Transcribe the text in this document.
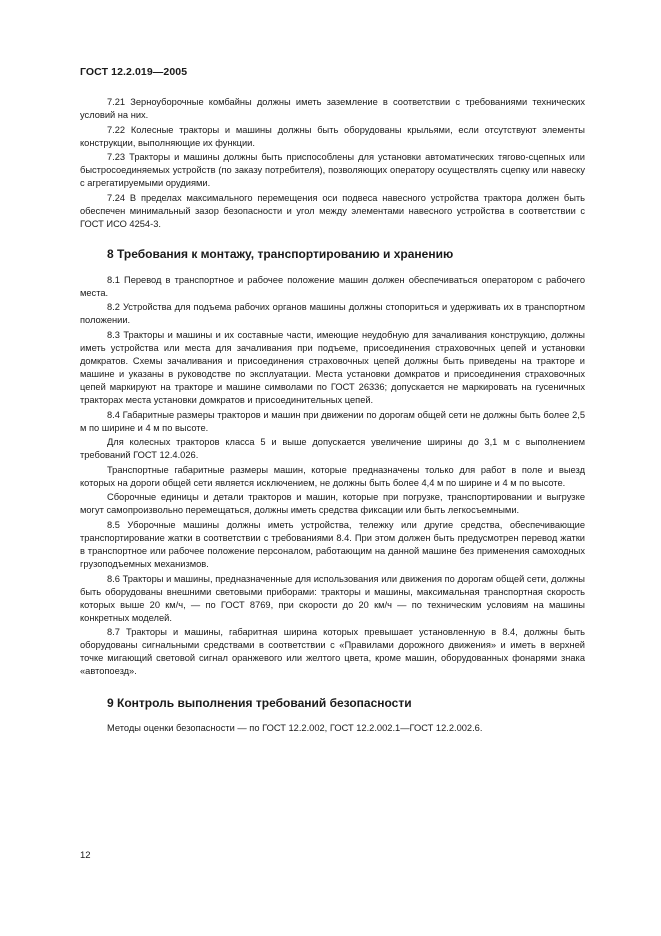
ГОСТ 12.2.019—2005

7.21 Зерноуборочные комбайны должны иметь заземление в соответствии с требованиями технических условий на них.

7.22 Колесные тракторы и машины должны быть оборудованы крыльями, если отсутствуют элементы конструкции, выполняющие их функции.

7.23 Тракторы и машины должны быть приспособлены для установки автоматических тягово-сцепных или быстросоединяемых устройств (по заказу потребителя), позволяющих оператору осуществлять сцепку или навеску с агрегатируемыми орудиями.

7.24 В пределах максимального перемещения оси подвеса навесного устройства трактора должен быть обеспечен минимальный зазор безопасности и угол между элементами навесного устройства в соответствии с ГОСТ ИСО 4254-3.

8 Требования к монтажу, транспортированию и хранению

8.1 Перевод в транспортное и рабочее положение машин должен обеспечиваться оператором с рабочего места.

8.2 Устройства для подъема рабочих органов машины должны стопориться и удерживать их в транспортном положении.

8.3 Тракторы и машины и их составные части, имеющие неудобную для зачаливания конструкцию, должны иметь устройства или места для зачаливания при подъеме, присоединения страховочных цепей и установки домкратов. Схемы зачаливания и присоединения страховочных цепей должны быть приведены на тракторе и машине и указаны в руководстве по эксплуатации. Места установки домкратов и присоединения страховочных цепей маркируют на тракторе и машине символами по ГОСТ 26336; допускается не маркировать на гусеничных тракторах места установки домкратов и присоединительных цепей.

8.4 Габаритные размеры тракторов и машин при движении по дорогам общей сети не должны быть более 2,5 м по ширине и 4 м по высоте.

Для колесных тракторов класса 5 и выше допускается увеличение ширины до 3,1 м с выполнением требований ГОСТ 12.4.026.

Транспортные габаритные размеры машин, которые предназначены только для работ в поле и выезд которых на дороги общей сети является исключением, не должны быть более 4,4 м по ширине и 4 м по высоте.

Сборочные единицы и детали тракторов и машин, которые при погрузке, транспортировании и выгрузке могут самопроизвольно перемещаться, должны иметь средства фиксации или быть легкосъемными.

8.5 Уборочные машины должны иметь устройства, тележку или другие средства, обеспечивающие транспортирование жатки в соответствии с требованиями 8.4. При этом должен быть предусмотрен перевод жатки в транспортное или рабочее положение персоналом, работающим на данной машине без применения самоходных грузоподъемных механизмов.

8.6 Тракторы и машины, предназначенные для использования или движения по дорогам общей сети, должны быть оборудованы внешними световыми приборами: тракторы и машины, максимальная транспортная скорость которых выше 20 км/ч, — по ГОСТ 8769, при скорости до 20 км/ч — по техническим условиям на машины конкретных моделей.

8.7 Тракторы и машины, габаритная ширина которых превышает установленную в 8.4, должны быть оборудованы сигнальными средствами в соответствии с «Правилами дорожного движения» и иметь в верхней точке мигающий световой сигнал оранжевого или желтого цвета, кроме машин, оборудованных фонарями знака «автопоезд».

9 Контроль выполнения требований безопасности

Методы оценки безопасности — по ГОСТ 12.2.002, ГОСТ 12.2.002.1—ГОСТ 12.2.002.6.

12
